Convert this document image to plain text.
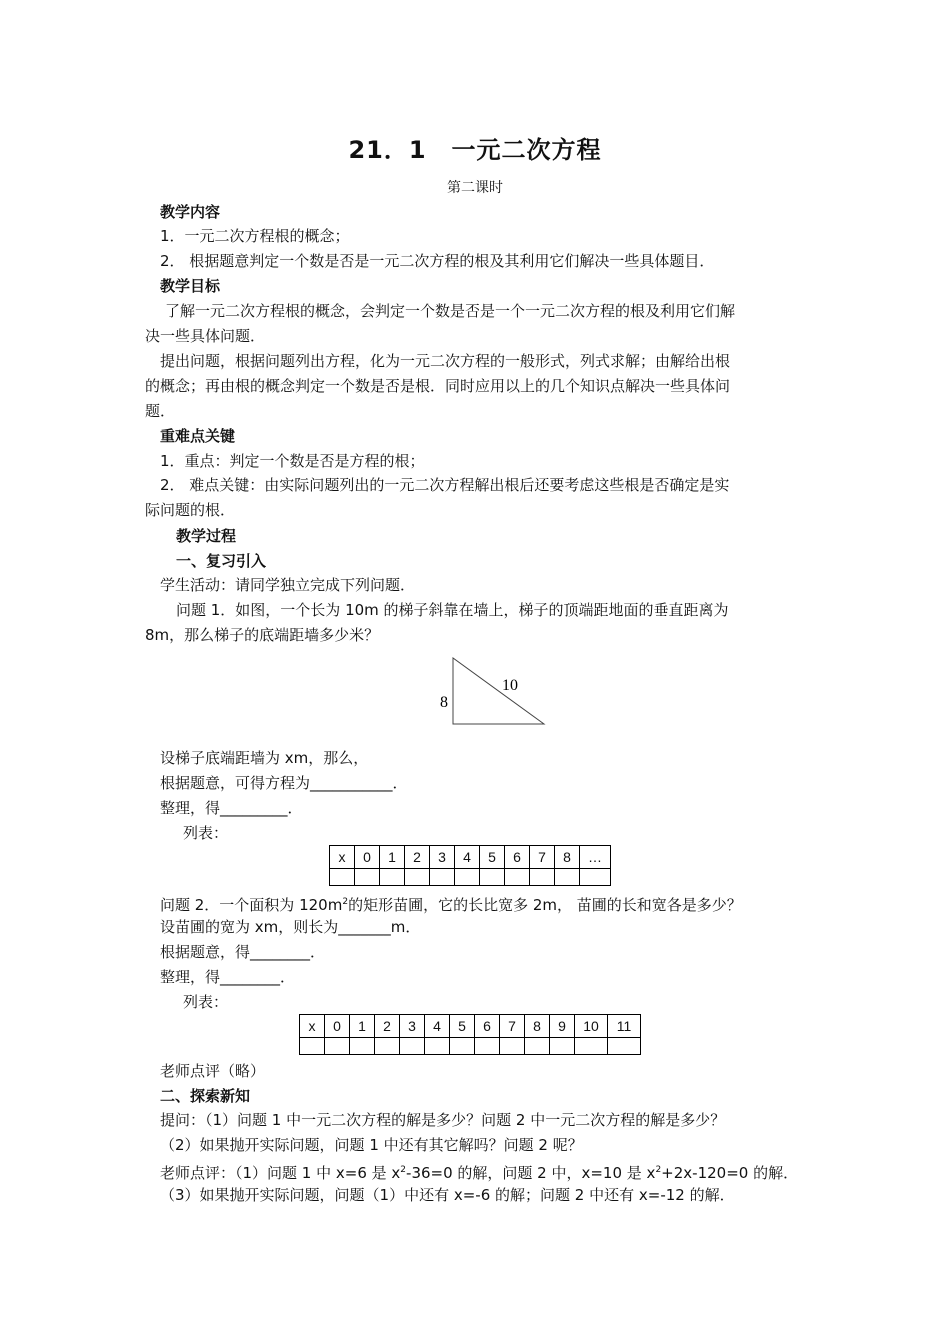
21．1　一元二次方程
第二课时
教学内容
1．一元二次方程根的概念；
2． 根据题意判定一个数是否是一元二次方程的根及其利用它们解决一些具体题目．
教学目标
了解一元二次方程根的概念，会判定一个数是否是一个一元二次方程的根及利用它们解
决一些具体问题．
提出问题，根据问题列出方程，化为一元二次方程的一般形式，列式求解；由解给出根
的概念；再由根的概念判定一个数是否是根．同时应用以上的几个知识点解决一些具体问
题．
重难点关键
1．重点：判定一个数是否是方程的根；
2． 难点关键：由实际问题列出的一元二次方程解出根后还要考虑这些根是否确定是实
际问题的根．
教学过程
一、复习引入
学生活动：请同学独立完成下列问题．
问题 1．如图，一个长为 10m 的梯子斜靠在墙上，梯子的顶端距地面的垂直距离为
8m，那么梯子的底端距墙多少米？
8
10
设梯子底端距墙为 xm，那么，
根据题意，可得方程为___________．
整理，得_________．
列表：
x	0	1	2	3	4	5	6	7	8	…

问题 2．一个面积为 $120m^2$的矩形苗圃，它的长比宽多 2m， 苗圃的长和宽各是多少？
设苗圃的宽为 xm，则长为_______m．
根据题意，得________．
整理，得________．
列表：
x	0	1	2	3	4	5	6	7	8	9	10	11

老师点评（略）
二、探索新知
提问：（1）问题 1 中一元二次方程的解是多少？问题 2 中一元二次方程的解是多少？
（2）如果抛开实际问题，问题 1 中还有其它解吗？问题 2 呢？
老师点评：（1）问题 1 中 x=6 是 $x^2-36=0$ 的解，问题 2 中，x=10 是 $x^2+2x-120=0$ 的解．
（3）如果抛开实际问题，问题（1）中还有 x=-6 的解；问题 2 中还有 x=-12 的解．
